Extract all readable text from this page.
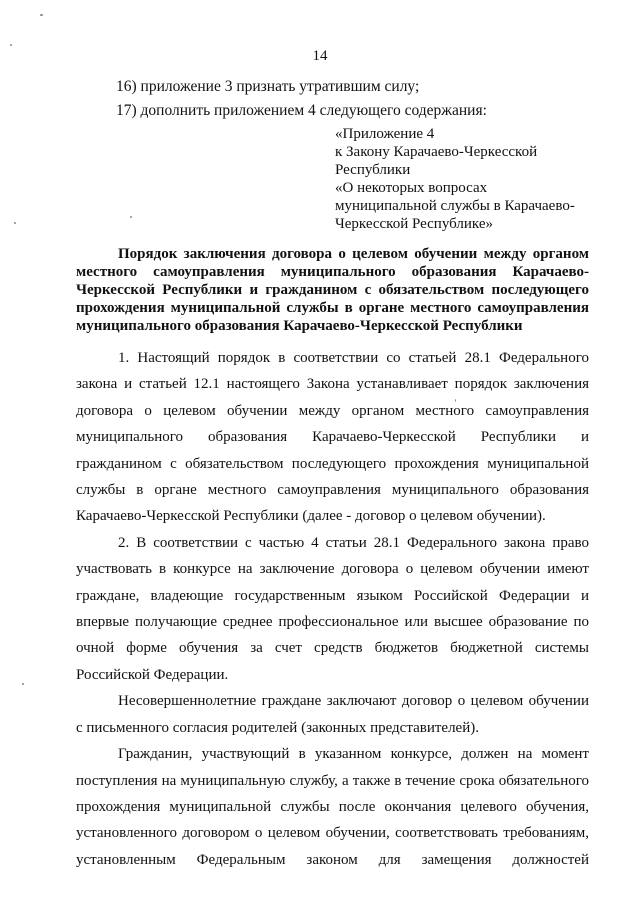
14
16) приложение 3 признать утратившим силу;
17) дополнить приложением 4 следующего содержания:
«Приложение 4
к Закону Карачаево-Черкесской
Республики
«О некоторых вопросах
муниципальной службы в Карачаево-
Черкесской Республике»
Порядок заключения договора о целевом обучении между органом местного самоуправления муниципального образования Карачаево-Черкесской Республики и гражданином с обязательством последующего прохождения муниципальной службы в органе местного самоуправления муниципального образования Карачаево-Черкесской Республики

1. Настоящий порядок в соответствии со статьей 28.1 Федерального закона и статьей 12.1 настоящего Закона устанавливает порядок заключения договора о целевом обучении между органом местного самоуправления муниципального образования Карачаево-Черкесской Республики и гражданином с обязательством последующего прохождения муниципальной службы в органе местного самоуправления муниципального образования Карачаево-Черкесской Республики (далее - договор о целевом обучении).

2. В соответствии с частью 4 статьи 28.1 Федерального закона право участвовать в конкурсе на заключение договора о целевом обучении имеют граждане, владеющие государственным языком Российской Федерации и впервые получающие среднее профессиональное или высшее образование по очной форме обучения за счет средств бюджетов бюджетной системы Российской Федерации.

Несовершеннолетние граждане заключают договор о целевом обучении с письменного согласия родителей (законных представителей).

Гражданин, участвующий в указанном конкурсе, должен на момент поступления на муниципальную службу, а также в течение срока обязательного прохождения муниципальной службы после окончания целевого обучения, установленного договором о целевом обучении, соответствовать требованиям, установленным Федеральным законом для замещения должностей
